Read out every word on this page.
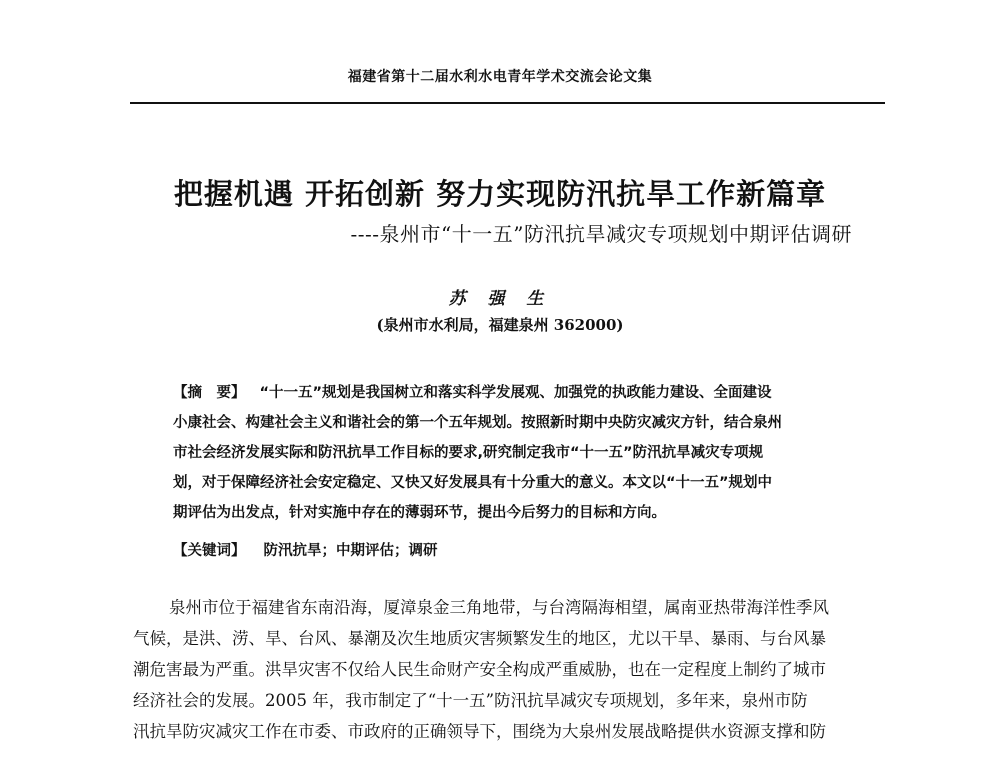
福建省第十二届水利水电青年学术交流会论文集
把握机遇 开拓创新 努力实现防汛抗旱工作新篇章
----泉州市“十一五”防汛抗旱减灾专项规划中期评估调研
苏 强 生
(泉州市水利局，福建泉州 362000)
【摘　要】 “十一五”规划是我国树立和落实科学发展观、加强党的执政能力建设、全面建设
小康社会、构建社会主义和谐社会的第一个五年规划。按照新时期中央防灾减灾方针，结合泉州
市社会经济发展实际和防汛抗旱工作目标的要求,研究制定我市“十一五”防汛抗旱减灾专项规
划，对于保障经济社会安定稳定、又快又好发展具有十分重大的意义。本文以“十一五”规划中
期评估为出发点，针对实施中存在的薄弱环节，提出今后努力的目标和方向。
【关键词】 防汛抗旱；中期评估；调研
泉州市位于福建省东南沿海，厦漳泉金三角地带，与台湾隔海相望，属南亚热带海洋性季风
气候，是洪、涝、旱、台风、暴潮及次生地质灾害频繁发生的地区，尤以干旱、暴雨、与台风暴
潮危害最为严重。洪旱灾害不仅给人民生命财产安全构成严重威胁，也在一定程度上制约了城市
经济社会的发展。2005 年，我市制定了“十一五”防汛抗旱减灾专项规划，多年来，泉州市防
汛抗旱防灾减灾工作在市委、市政府的正确领导下，围绕为大泉州发展战略提供水资源支撑和防
